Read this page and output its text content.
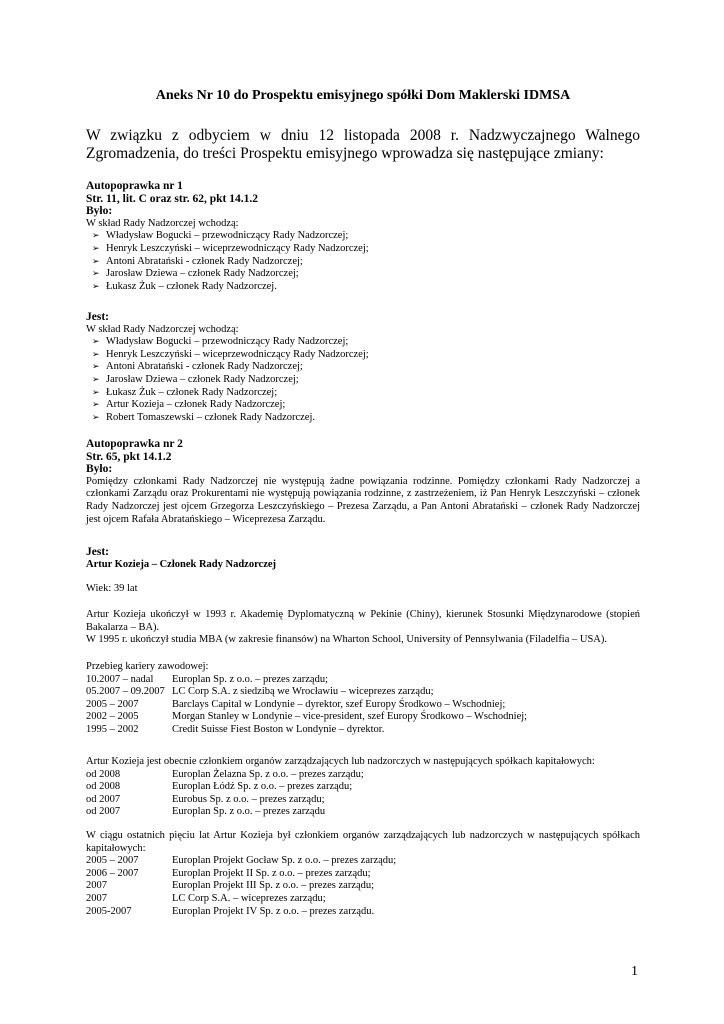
Aneks Nr 10 do Prospektu emisyjnego spółki Dom Maklerski IDMSA
W związku z odbyciem w dniu 12 listopada 2008 r. Nadzwyczajnego Walnego Zgromadzenia, do treści Prospektu emisyjnego wprowadza się następujące zmiany:
Autopoprawka nr 1
Str. 11, lit. C oraz str. 62, pkt 14.1.2
Było:
W skład Rady Nadzorczej wchodzą:
➢ Władysław Bogucki – przewodniczący Rady Nadzorczej;
➢ Henryk Leszczyński – wiceprzewodniczący Rady Nadzorczej;
➢ Antoni Abratański - członek Rady Nadzorczej;
➢ Jarosław Dziewa – członek Rady Nadzorczej;
➢ Łukasz Żuk – członek Rady Nadzorczej.
Jest:
W skład Rady Nadzorczej wchodzą:
➢ Władysław Bogucki – przewodniczący Rady Nadzorczej;
➢ Henryk Leszczyński – wiceprzewodniczący Rady Nadzorczej;
➢ Antoni Abratański - członek Rady Nadzorczej;
➢ Jarosław Dziewa – członek Rady Nadzorczej;
➢ Łukasz Żuk – członek Rady Nadzorczej;
➢ Artur Kozieja – członek Rady Nadzorczej;
➢ Robert Tomaszewski – członek Rady Nadzorczej.
Autopoprawka nr 2
Str. 65, pkt 14.1.2
Było:
Pomiędzy członkami Rady Nadzorczej nie występują żadne powiązania rodzinne. Pomiędzy członkami Rady Nadzorczej a członkami Zarządu oraz Prokurentami nie występują powiązania rodzinne, z zastrzeżeniem, iż Pan Henryk Leszczyński – członek Rady Nadzorczej jest ojcem Grzegorza Leszczyńskiego – Prezesa Zarządu, a Pan Antoni Abratański – członek Rady Nadzorczej jest ojcem Rafała Abratańskiego – Wiceprezesa Zarządu.
Jest:
Artur Kozieja – Członek Rady Nadzorczej
Wiek: 39 lat
Artur Kozieja ukończył w 1993 r. Akademię Dyplomatyczną w Pekinie (Chiny), kierunek Stosunki Międzynarodowe (stopień Bakalarza – BA).
W 1995 r. ukończył studia MBA (w zakresie finansów) na Wharton School, University of Pennsylwania (Filadelfia – USA).
Przebieg kariery zawodowej:
10.2007 – nadal	Europlan Sp. z o.o. – prezes zarządu;
05.2007 – 09.2007 LC Corp S.A. z siedzibą we Wrocławiu – wiceprezes zarządu;
2005 – 2007	Barclays Capital w Londynie – dyrektor, szef Europy Środkowo – Wschodniej;
2002 – 2005	Morgan Stanley w Londynie – vice-president, szef Europy Środkowo – Wschodniej;
1995 – 2002	Credit Suisse Fiest Boston w Londynie – dyrektor.
Artur Kozieja jest obecnie członkiem organów zarządzających lub nadzorczych w następujących spółkach kapitałowych:
od 2008	Europlan Żelazna Sp. z o.o. – prezes zarządu;
od 2008	Europlan Łódź Sp. z o.o. – prezes zarządu;
od 2007	Eurobus Sp. z o.o. – prezes zarządu;
od 2007	Europlan Sp. z o.o. – prezes zarządu
W ciągu ostatnich pięciu lat Artur Kozieja był członkiem organów zarządzających lub nadzorczych w następujących spółkach kapitałowych:
2005 – 2007	Europlan Projekt Gocław Sp. z o.o. – prezes zarządu;
2006 – 2007	Europlan Projekt II Sp. z o.o. – prezes zarządu;
2007	Europlan Projekt III Sp. z o.o. – prezes zarządu;
2007	LC Corp S.A. – wiceprezes zarządu;
2005-2007	Europlan Projekt IV Sp. z o.o. – prezes zarządu.
1
